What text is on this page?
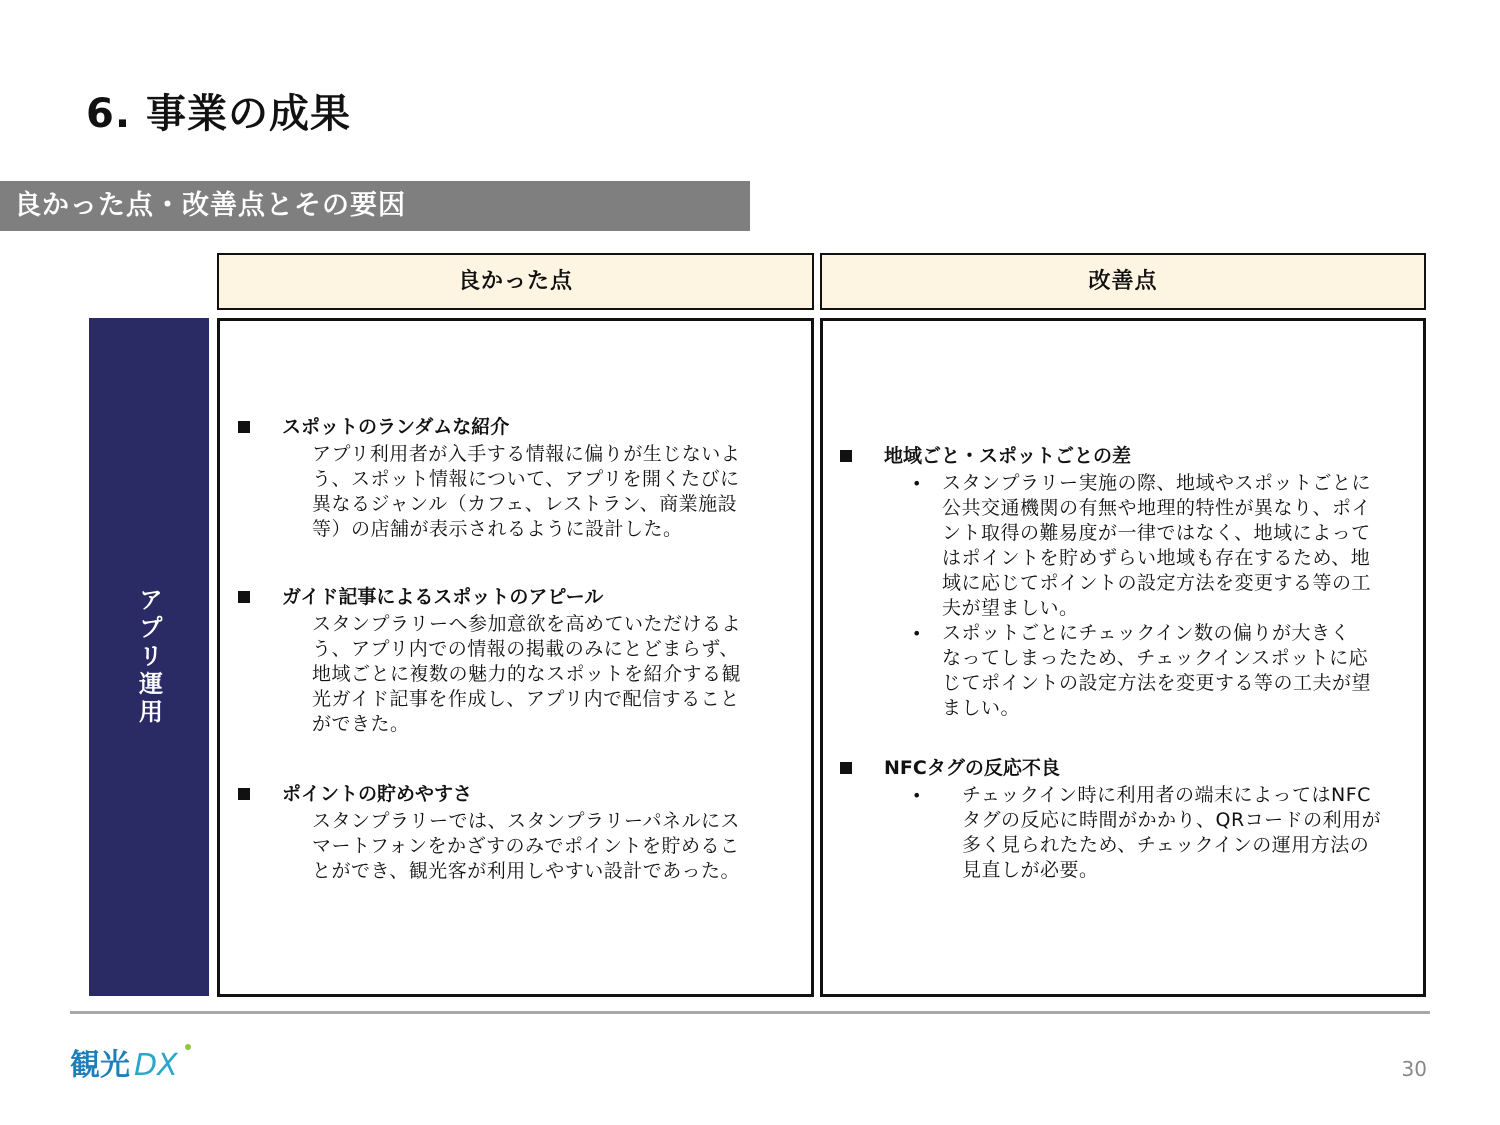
6. 事業の成果
良かった点・改善点とその要因
良かった点	改善点
アプリ運用
スポットのランダムな紹介
アプリ利用者が入手する情報に偏りが生じないよ
う、スポット情報について、アプリを開くたびに
異なるジャンル（カフェ、レストラン、商業施設
等）の店舗が表示されるように設計した。
ガイド記事によるスポットのアピール
スタンプラリーへ参加意欲を高めていただけるよ
う、アプリ内での情報の掲載のみにとどまらず、
地域ごとに複数の魅力的なスポットを紹介する観
光ガイド記事を作成し、アプリ内で配信すること
ができた。
ポイントの貯めやすさ
スタンプラリーでは、スタンプラリーパネルにス
マートフォンをかざすのみでポイントを貯めるこ
とができ、観光客が利用しやすい設計であった。
地域ごと・スポットごとの差
• スタンプラリー実施の際、地域やスポットごとに
公共交通機関の有無や地理的特性が異なり、ポイ
ント取得の難易度が一律ではなく、地域によって
はポイントを貯めずらい地域も存在するため、地
域に応じてポイントの設定方法を変更する等の工
夫が望ましい。
• スポットごとにチェックイン数の偏りが大きく
なってしまったため、チェックインスポットに応
じてポイントの設定方法を変更する等の工夫が望
ましい。
NFCタグの反応不良
• チェックイン時に利用者の端末によってはNFC
タグの反応に時間がかかり、QRコードの利用が
多く見られたため、チェックインの運用方法の
見直しが必要。
観光 DX	30
